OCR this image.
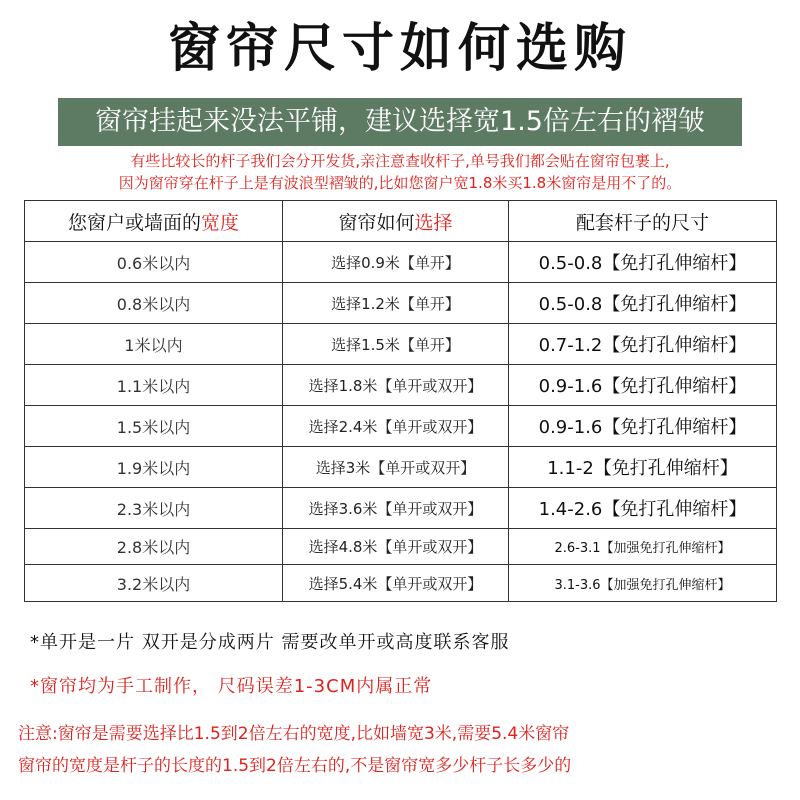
窗帘尺寸如何选购
窗帘挂起来没法平铺，建议选择宽1.5倍左右的褶皱
有些比较长的杆子我们会分开发货,亲注意查收杆子,单号我们都会贴在窗帘包裹上,
因为窗帘穿在杆子上是有波浪型褶皱的,比如您窗户宽1.8米买1.8米窗帘是用不了的。
您窗户或墙面的宽度	窗帘如何选择	配套杆子的尺寸
0.6米以内	选择0.9米【单开】	0.5-0.8【免打孔伸缩杆】
0.8米以内	选择1.2米【单开】	0.5-0.8【免打孔伸缩杆】
1米以内	选择1.5米【单开】	0.7-1.2【免打孔伸缩杆】
1.1米以内	选择1.8米【单开或双开】	0.9-1.6【免打孔伸缩杆】
1.5米以内	选择2.4米【单开或双开】	0.9-1.6【免打孔伸缩杆】
1.9米以内	选择3米【单开或双开】	1.1-2【免打孔伸缩杆】
2.3米以内	选择3.6米【单开或双开】	1.4-2.6【免打孔伸缩杆】
2.8米以内	选择4.8米【单开或双开】	2.6-3.1【加强免打孔伸缩杆】
3.2米以内	选择5.4米【单开或双开】	3.1-3.6【加强免打孔伸缩杆】
*单开是一片 双开是分成两片 需要改单开或高度联系客服
*窗帘均为手工制作， 尺码误差1-3CM内属正常
注意:窗帘是需要选择比1.5到2倍左右的宽度,比如墙宽3米,需要5.4米窗帘
窗帘的宽度是杆子的长度的1.5到2倍左右的,不是窗帘宽多少杆子长多少的
